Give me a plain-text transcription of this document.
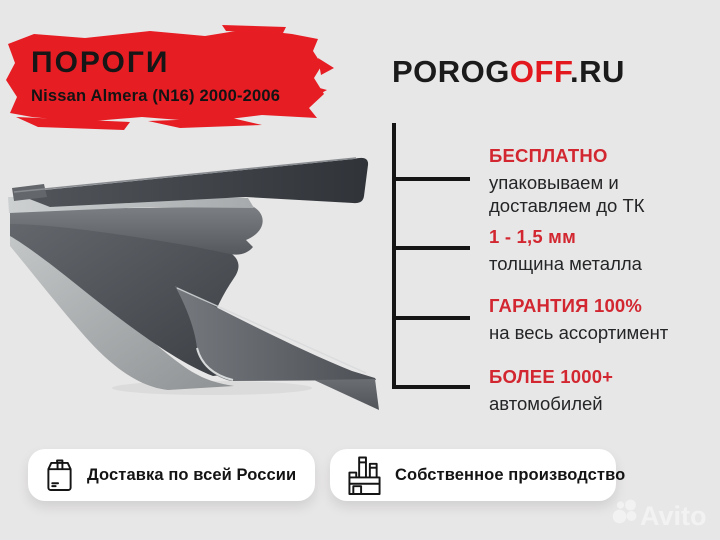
ПОРОГИ
Nissan Almera (N16) 2000-2006
POROGOFF.RU
БЕСПЛАТНО
упаковываем и
доставляем до ТК
1 - 1,5 мм
толщина металла
ГАРАНТИЯ 100%
на весь ассортимент
БОЛЕЕ 1000+
автомобилей
Доставка по всей России	Собственное производство
Avito
